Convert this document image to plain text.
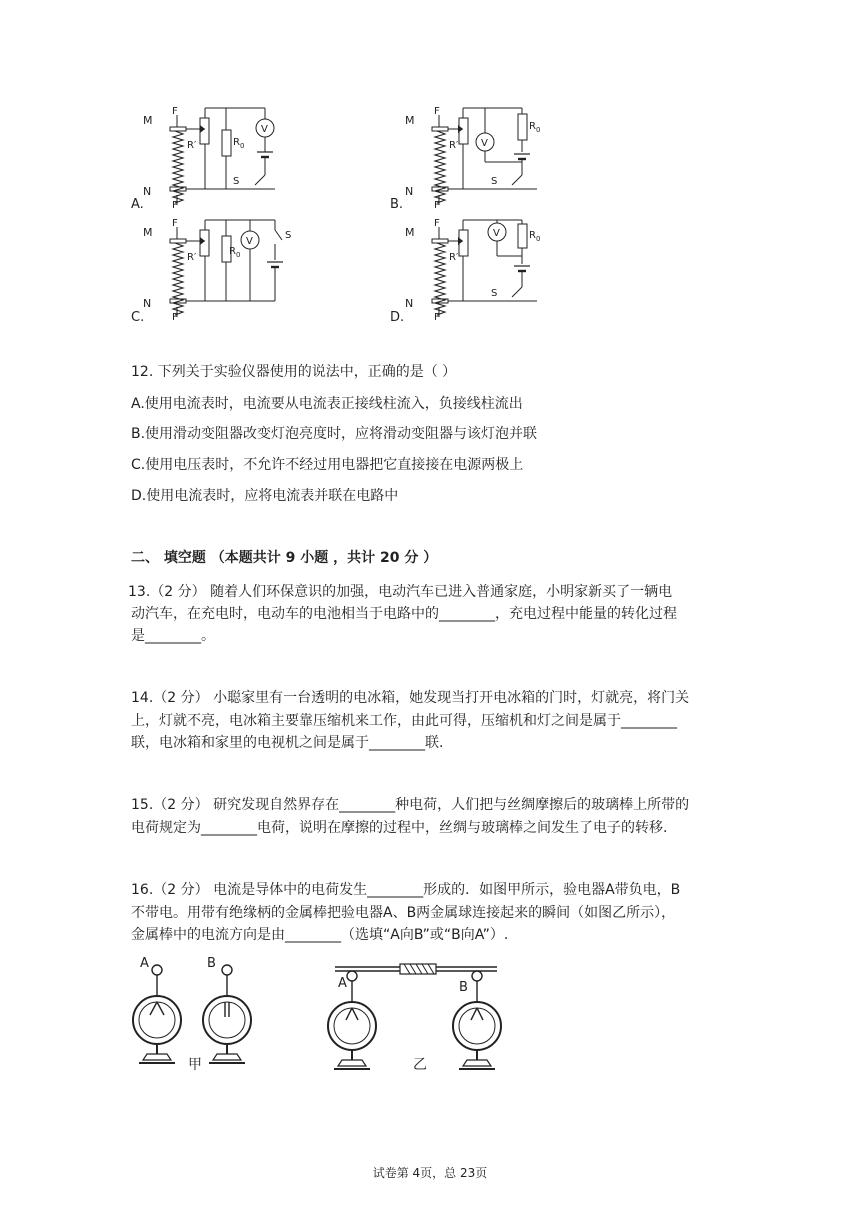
M
N
F
F
R′	$R_0$
V
S
M
N
F
F
R′ V
$R_0$
S
M
N
F
F
R′
$R_0$
V
S	M
N
F
F
R′
V	$R_0$
S
A.	B.
C.	D.
12. 下列关于实验仪器使用的说法中，正确的是（ ）
A.使用电流表时，电流要从电流表正接线柱流入，负接线柱流出
B.使用滑动变阻器改变灯泡亮度时，应将滑动变阻器与该灯泡并联
C.使用电压表时，不允许不经过用电器把它直接接在电源两极上
D.使用电流表时，应将电流表并联在电路中
二、 填空题 （本题共计 9 小题 ，共计 20 分 ）
13.（2 分） 随着人们环保意识的加强，电动汽车已进入普通家庭，小明家新买了一辆电
动汽车，在充电时，电动车的电池相当于电路中的________，充电过程中能量的转化过程
是________。
14.（2 分） 小聪家里有一台透明的电冰箱，她发现当打开电冰箱的门时，灯就亮，将门关
上，灯就不亮，电冰箱主要靠压缩机来工作，由此可得，压缩机和灯之间是属于________
联，电冰箱和家里的电视机之间是属于________联.
15.（2 分） 研究发现自然界存在________种电荷，人们把与丝绸摩擦后的玻璃棒上所带的
电荷规定为________电荷，说明在摩擦的过程中，丝绸与玻璃棒之间发生了电子的转移.
16.（2 分） 电流是导体中的电荷发生________形成的．如图甲所示，验电器A带负电，B
不带电。用带有绝缘柄的金属棒把验电器A、B两金属球连接起来的瞬间（如图乙所示），
金属棒中的电流方向是由________（选填“A向B”或“B向A”）.
A	B
甲
A	B
乙
试卷第 4页，总 23页
